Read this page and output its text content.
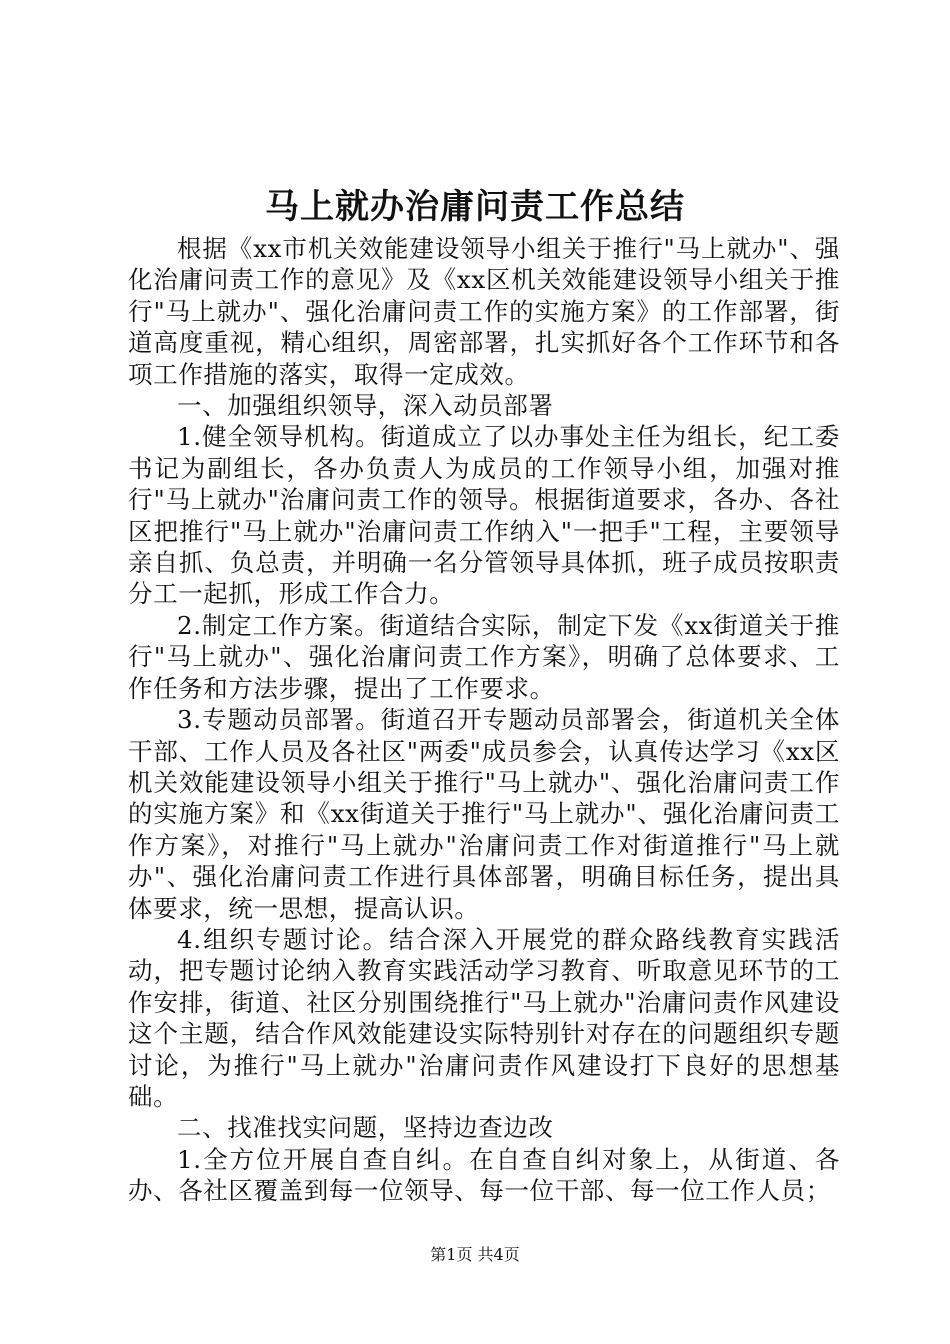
马上就办治庸问责工作总结

根据《xx市机关效能建设领导小组关于推行"马上就办"、强化治庸问责工作的意见》及《xx区机关效能建设领导小组关于推行"马上就办"、强化治庸问责工作的实施方案》的工作部署，街道高度重视，精心组织，周密部署，扎实抓好各个工作环节和各项工作措施的落实，取得一定成效。

一、加强组织领导，深入动员部署

1.健全领导机构。街道成立了以办事处主任为组长，纪工委书记为副组长，各办负责人为成员的工作领导小组，加强对推行"马上就办"治庸问责工作的领导。根据街道要求，各办、各社区把推行"马上就办"治庸问责工作纳入"一把手"工程，主要领导亲自抓、负总责，并明确一名分管领导具体抓，班子成员按职责分工一起抓，形成工作合力。

2.制定工作方案。街道结合实际，制定下发《xx街道关于推行"马上就办"、强化治庸问责工作方案》，明确了总体要求、工作任务和方法步骤，提出了工作要求。

3.专题动员部署。街道召开专题动员部署会，街道机关全体干部、工作人员及各社区"两委"成员参会，认真传达学习《xx区机关效能建设领导小组关于推行"马上就办"、强化治庸问责工作的实施方案》和《xx街道关于推行"马上就办"、强化治庸问责工作方案》，对推行"马上就办"治庸问责工作对街道推行"马上就办"、强化治庸问责工作进行具体部署，明确目标任务，提出具体要求，统一思想，提高认识。

4.组织专题讨论。结合深入开展党的群众路线教育实践活动，把专题讨论纳入教育实践活动学习教育、听取意见环节的工作安排，街道、社区分别围绕推行"马上就办"治庸问责作风建设这个主题，结合作风效能建设实际特别针对存在的问题组织专题讨论，为推行"马上就办"治庸问责作风建设打下良好的思想基础。

二、找准找实问题，坚持边查边改

1.全方位开展自查自纠。在自查自纠对象上，从街道、各办、各社区覆盖到每一位领导、每一位干部、每一位工作人员；

第1页 共4页
